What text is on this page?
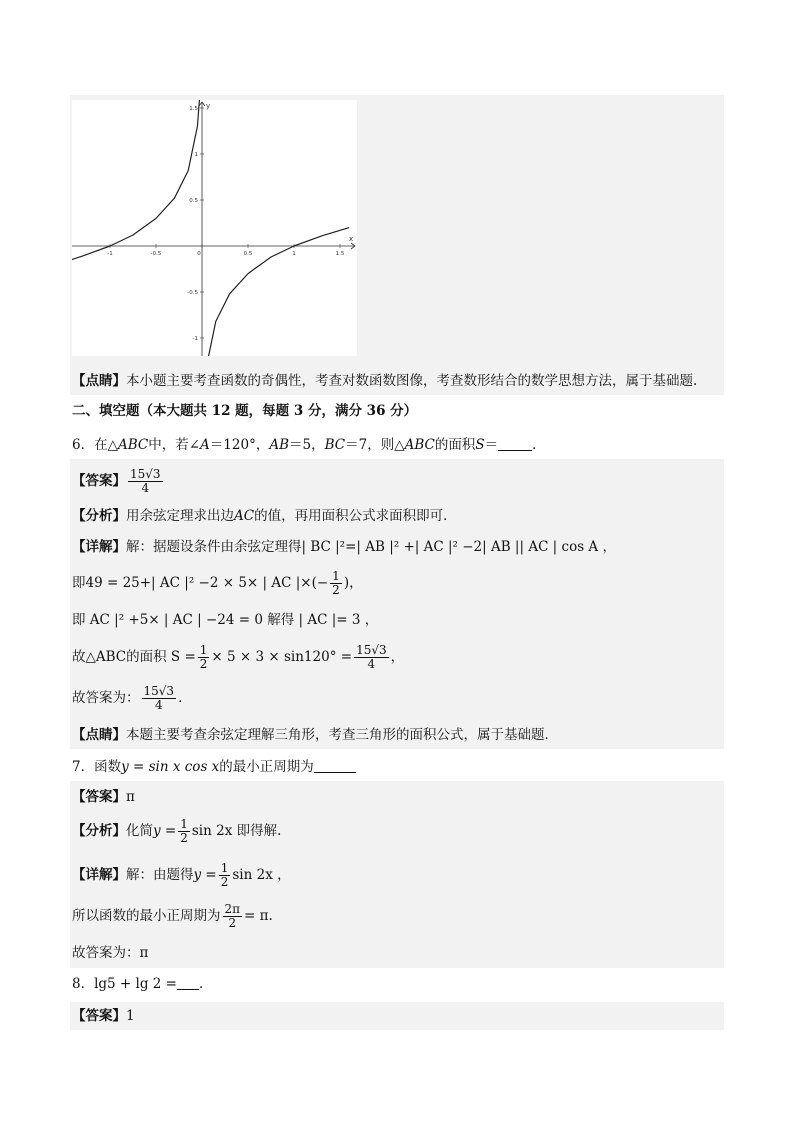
x
y
1.5
1
0.5
-0.5
-1
-1	-0.5	0	0.5	1	1.5
【点睛】本小题主要考查函数的奇偶性，考查对数函数图像，考查数形结合的数学思想方法，属于基础题.
二、填空题（本大题共 12 题，每题 3 分，满分 36 分）
6．在△ABC中，若∠A＝120°，AB＝5，BC＝7，则△ABC的面积S＝	．
【答案】 $\frac{15√3}{4}$
【分析】用余弦定理求出边AC的值，再用面积公式求面积即可．
【详解】解：据题设条件由余弦定理得| BC |²=| AB |² +| AC |² −2| AB || AC | cos A ，
即49 = 25+| AC |² −2 × 5× | AC |×(− $\frac{1}{2}$ )，
即 AC |² +5× | AC | −24 = 0 解得 | AC |= 3 ，
故△ABC的面积 $S = \frac{1}{2} \times 5 \times 3 \times \sin 120^\circ = \frac{15√3}{4}$ ，
故答案为： $\frac{15√3}{4}$ ．
【点睛】本题主要考查余弦定理解三角形，考查三角形的面积公式，属于基础题．
7．函数y = sin x cos x的最小正周期为
【答案】π
【分析】化简$y = \frac{1}{2}$ sin 2x 即得解.
【详解】解：由题得$y = \frac{1}{2}$ sin 2x ，
所以函数的最小正周期为 $\frac{2\pi}{2} = \pi$.
故答案为：π
8．lg5 + lg 2 = ．
【答案】1
